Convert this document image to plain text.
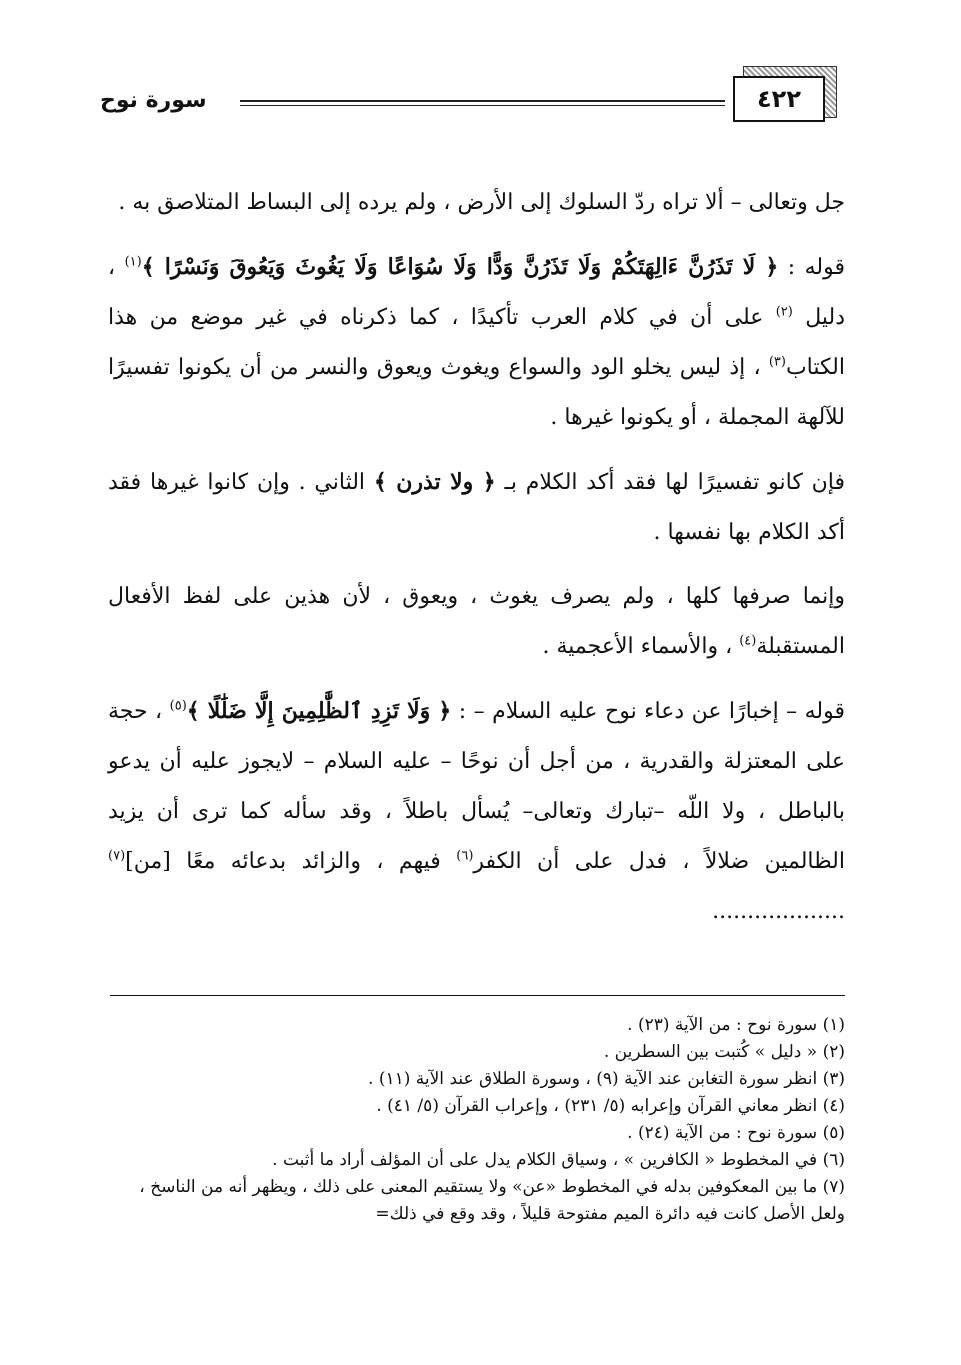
٤٢٢
سورة نوح

جل وتعالى – ألا تراه ردّ السلوك إلى الأرض ، ولم يرده إلى البساط المتلاصق به .

قوله : ﴿ لَا تَذَرُنَّ ءَالِهَتَكُمْ وَلَا تَذَرُنَّ وَدًّا وَلَا سُوَاعًا وَلَا يَغُوثَ وَيَعُوقَ وَنَسْرًا ﴾$^{(١)}$ ، دليل $^{(٢)}$ على أن في كلام العرب تأكيدًا ، كما ذكرناه في غير موضع من هذا الكتاب$^{(٣)}$ ، إذ ليس يخلو الود والسواع ويغوث ويعوق والنسر من أن يكونوا تفسيرًا للآلهة المجملة ، أو يكونوا غيرها .

فإن كانو تفسيرًا لها فقد أكد الكلام بـ ﴿ ولا تذرن ﴾ الثاني . وإن كانوا غيرها فقد أكد الكلام بها نفسها .

وإنما صرفها كلها ، ولم يصرف يغوث ، ويعوق ، لأن هذين على لفظ الأفعال المستقبلة$^{(٤)}$ ، والأسماء الأعجمية .

قوله – إخبارًا عن دعاء نوح عليه السلام – : ﴿ وَلَا تَزِدِ ٱلظَّٰلِمِينَ إِلَّا ضَلَٰلًا ﴾$^{(٥)}$ ، حجة على المعتزلة والقدرية ، من أجل أن نوحًا – عليه السلام – لايجوز عليه أن يدعو بالباطل ، ولا اللّه –تبارك وتعالى– يُسأل باطلاً ، وقد سأله كما ترى أن يزيد الظالمين ضلالاً ، فدل على أن الكفر$^{(٦)}$ فيهم ، والزائد بدعائه معًا [من]$^{(٧)}$ ...................

(١) سورة نوح : من الآية (٢٣) .

(٢) « دليل » كُتبت بين السطرين .

(٣) انظر سورة التغابن عند الآية (٩) ، وسورة الطلاق عند الآية (١١) .

(٤) انظر معاني القرآن وإعرابه (٥/ ٢٣١) ، وإعراب القرآن (٥/ ٤١) .

(٥) سورة نوح : من الآية (٢٤) .

(٦) في المخطوط « الكافرين » ، وسياق الكلام يدل على أن المؤلف أراد ما أثبت .

(٧) ما بين المعكوفين بدله في المخطوط «عن» ولا يستقيم المعنى على ذلك ، ويظهر أنه من الناسخ ، ولعل الأصل كانت فيه دائرة الميم مفتوحة قليلاً ، وقد وقع في ذلك=
